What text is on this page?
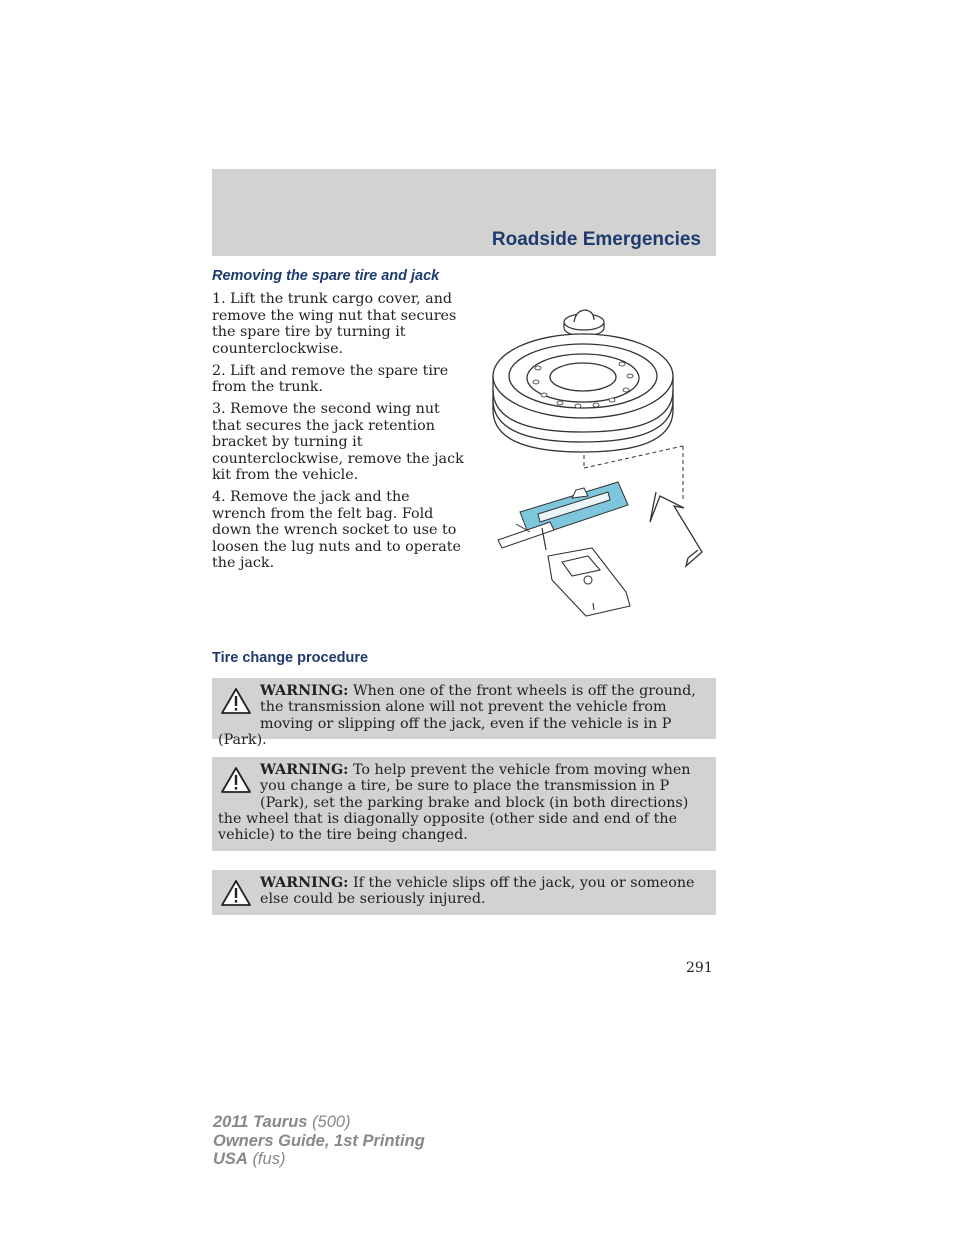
Roadside Emergencies
Removing the spare tire and jack

1. Lift the trunk cargo cover, and remove the wing nut that secures the spare tire by turning it counterclockwise.

2. Lift and remove the spare tire from the trunk.

3. Remove the second wing nut that secures the jack retention bracket by turning it counterclockwise, remove the jack kit from the vehicle.

4. Remove the jack and the wrench from the felt bag. Fold down the wrench socket to use to loosen the lug nuts and to operate the jack.

Tire change procedure
WARNING: When one of the front wheels is off the ground, the transmission alone will not prevent the vehicle from moving or slipping off the jack, even if the vehicle is in P (Park).
WARNING: To help prevent the vehicle from moving when you change a tire, be sure to place the transmission in P (Park), set the parking brake and block (in both directions) the wheel that is diagonally opposite (other side and end of the vehicle) to the tire being changed.
WARNING: If the vehicle slips off the jack, you or someone else could be seriously injured.
291
2011 Taurus (500)
Owners Guide, 1st Printing
USA (fus)
